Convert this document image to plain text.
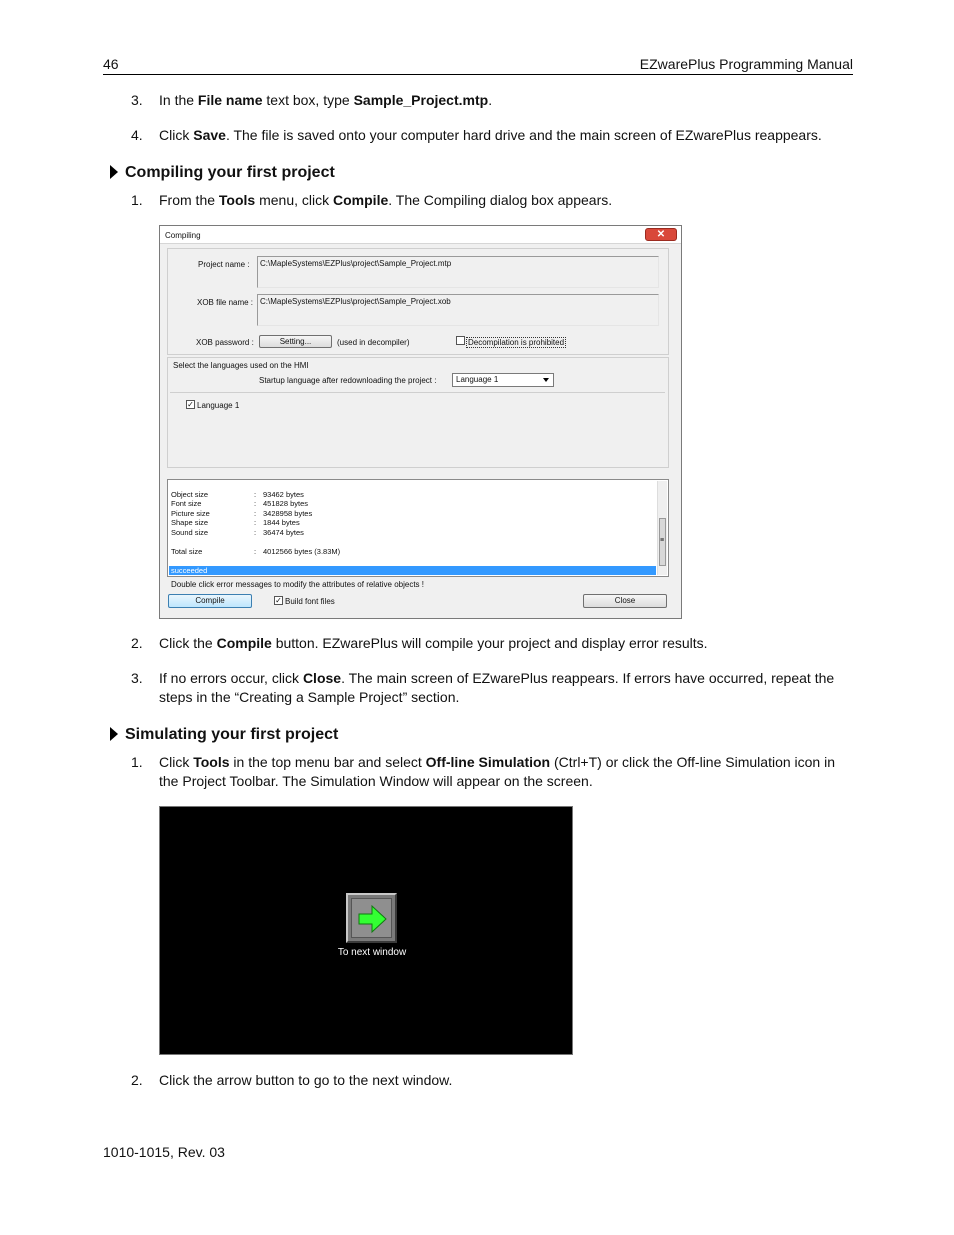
46	EZwarePlus Programming Manual
3. In the File name text box, type Sample_Project.mtp.
4. Click Save. The file is saved onto your computer hard drive and the main screen of EZwarePlus reappears.
Compiling your first project
1. From the Tools menu, click Compile. The Compiling dialog box appears.
Compiling	✕
Project name :	C:\MapleSystems\EZPlus\project\Sample_Project.mtp
XOB file name : C:\MapleSystems\EZPlus\project\Sample_Project.xob
XOB password :	Setting...	(used in decompiler)	Decompilation is prohibited
Select the languages used on the HMI
Startup language after redownloading the project :	Language 1
✓ Language 1
Object size	: 93462 bytes
Font size	: 451828 bytes
Picture size	: 3428958 bytes
Shape size	: 1844 bytes
Sound size	: 36474 bytes
Total size	: 4012566 bytes (3.83M)
succeeded
≡
Double click error messages to modify the attributes of relative objects !
Compile	✓ Build font files	Close
2. Click the Compile button. EZwarePlus will compile your project and display error results.
3. If no errors occur, click Close. The main screen of EZwarePlus reappears. If errors have occurred, repeat the steps in the “Creating a Sample Project” section.
Simulating your first project
1. Click Tools in the top menu bar and select Off-line Simulation (Ctrl+T) or click the Off-line Simulation icon in the Project Toolbar. The Simulation Window will appear on the screen.
To next window
2. Click the arrow button to go to the next window.
1010-1015, Rev. 03
